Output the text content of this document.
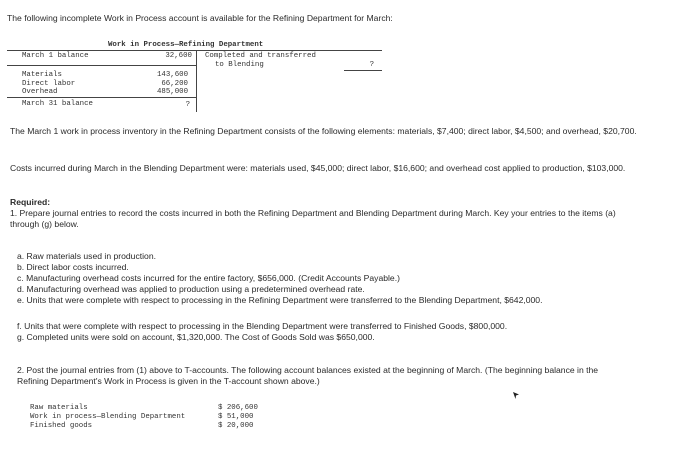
The following incomplete Work in Process account is available for the Refining Department for March:
Work in Process—Refining Department
March 1 balance	32,600
Materials	143,600
Direct labor	66,200
Overhead	485,000
March 31 balance	?
Completed and transferred
to Blending	?
The March 1 work in process inventory in the Refining Department consists of the following elements: materials, $7,400; direct labor, $4,500; and overhead, $20,700.
Costs incurred during March in the Blending Department were: materials used, $45,000; direct labor, $16,600; and overhead cost applied to production, $103,000.
Required:
1. Prepare journal entries to record the costs incurred in both the Refining Department and Blending Department during March. Key your entries to the items (a) through (g) below.
a. Raw materials used in production.
b. Direct labor costs incurred.
c. Manufacturing overhead costs incurred for the entire factory, $656,000. (Credit Accounts Payable.)
d. Manufacturing overhead was applied to production using a predetermined overhead rate.
e. Units that were complete with respect to processing in the Refining Department were transferred to the Blending Department, $642,000.
f. Units that were complete with respect to processing in the Blending Department were transferred to Finished Goods, $800,000.
g. Completed units were sold on account, $1,320,000. The Cost of Goods Sold was $650,000.
2. Post the journal entries from (1) above to T-accounts. The following account balances existed at the beginning of March. (The beginning balance in the Refining Department's Work in Process is given in the T-account shown above.)
Raw materials	$ 206,600
Work in process—Blending Department	$ 51,000
Finished goods	$ 20,000
